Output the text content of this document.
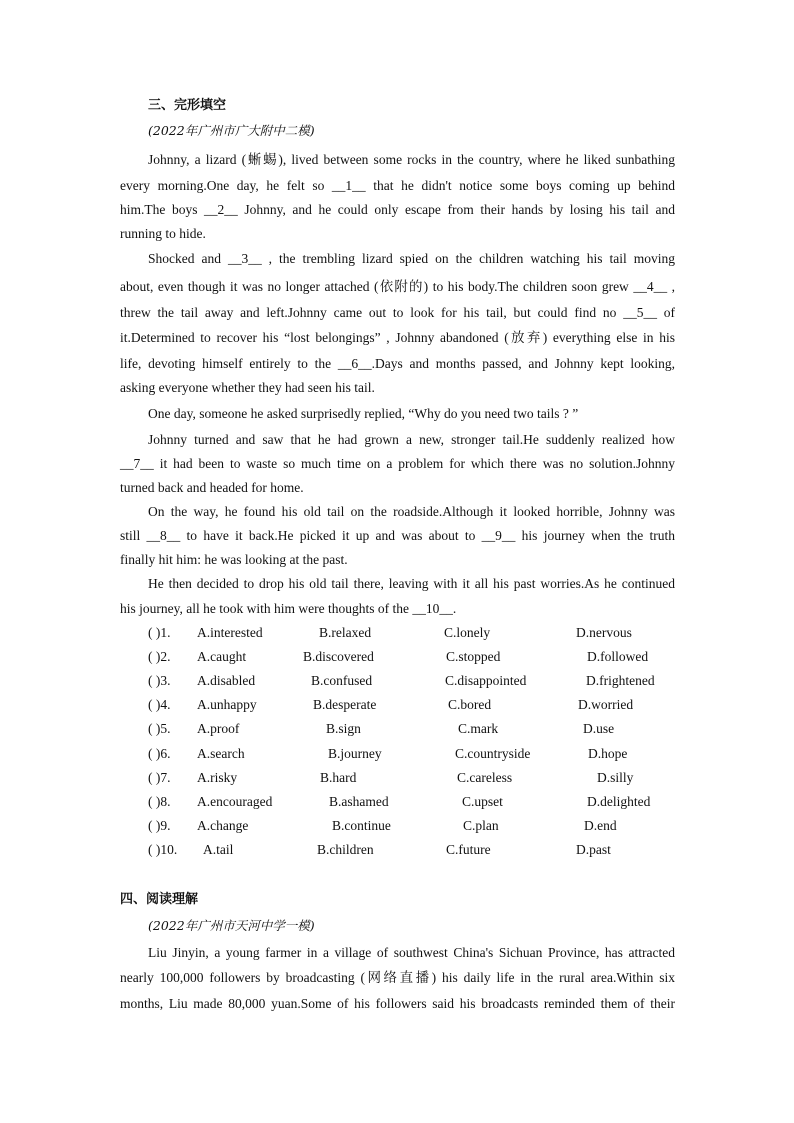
三、完形填空
(2022年广州市广大附中二模)
Johnny, a lizard (蜥蜴), lived between some rocks in the country, where he liked sunbathing
every morning.One day, he felt so __1__ that he didn't notice some boys coming up behind
him.The boys __2__ Johnny, and he could only escape from their hands by losing his tail and
running to hide.
Shocked and __3__ , the trembling lizard spied on the children watching his tail moving
about, even though it was no longer attached (依附的) to his body.The children soon grew __4__ ,
threw the tail away and left.Johnny came out to look for his tail, but could find no __5__ of
it.Determined to recover his “lost belongings” , Johnny abandoned (放弃) everything else in his
life, devoting himself entirely to the __6__.Days and months passed, and Johnny kept looking,
asking everyone whether they had seen his tail.
One day, someone he asked surprisedly replied, “Why do you need two tails ? ”
Johnny turned and saw that he had grown a new, stronger tail.He suddenly realized how
__7__ it had been to waste so much time on a problem for which there was no solution.Johnny
turned back and headed for home.
On the way, he found his old tail on the roadside.Although it looked horrible, Johnny was
still __8__ to have it back.He picked it up and was about to __9__ his journey when the truth
finally hit him: he was looking at the past.
He then decided to drop his old tail there, leaving with it all his past worries.As he continued
his journey, all he took with him were thoughts of the __10__.
( )1. A.interested	B.relaxed	C.lonely	D.nervous
( )2. A.caught	B.discovered	C.stopped	D.followed
( )3. A.disabled	B.confused	C.disappointed	D.frightened
( )4. A.unhappy	B.desperate	C.bored	D.worried
( )5. A.proof	B.sign	C.mark	D.use
( )6. A.search	B.journey	C.countryside	D.hope
( )7. A.risky	B.hard	C.careless	D.silly
( )8. A.encouraged	B.ashamed	C.upset	D.delighted
( )9. A.change	B.continue	C.plan	D.end
( )10. A.tail	B.children	C.future	D.past
四、阅读理解
(2022年广州市天河中学一模)
Liu Jinyin, a young farmer in a village of southwest China's Sichuan Province, has attracted
nearly 100,000 followers by broadcasting (网络直播) his daily life in the rural area.Within six
months, Liu made 80,000 yuan.Some of his followers said his broadcasts reminded them of their
